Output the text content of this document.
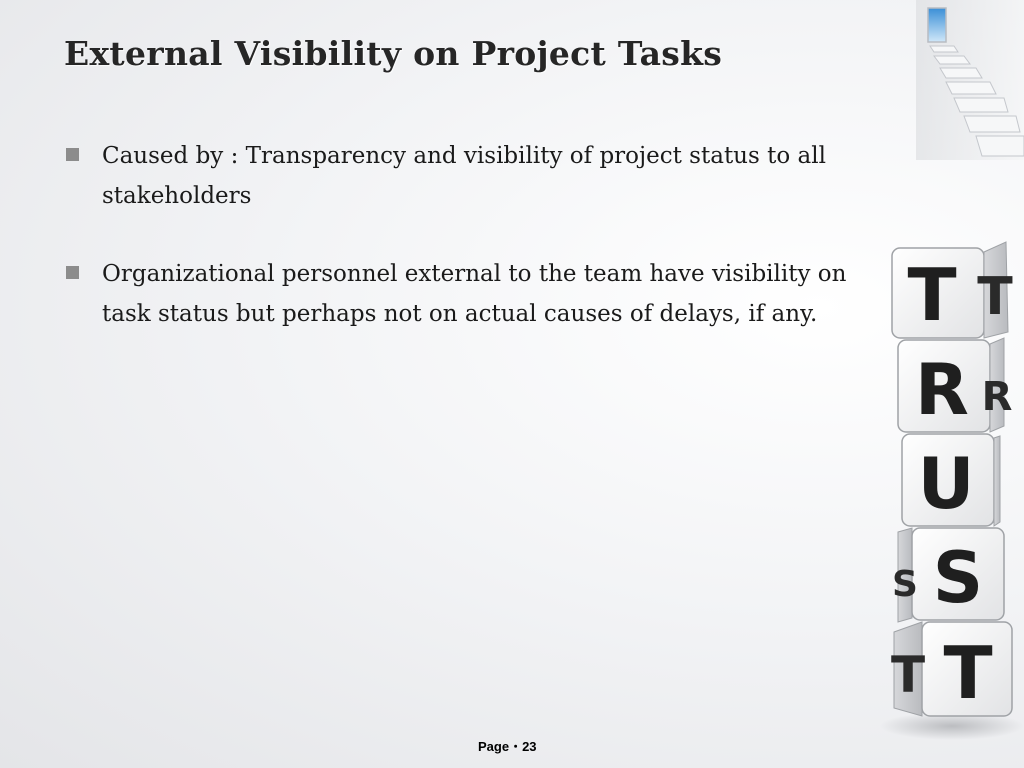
External Visibility on Project Tasks
Caused by : Transparency and visibility of project status to all stakeholders
Organizational personnel external to the team have visibility on task status but perhaps not on actual causes of delays, if any.	T T
R R
U
S
S
T
T
Page・23
